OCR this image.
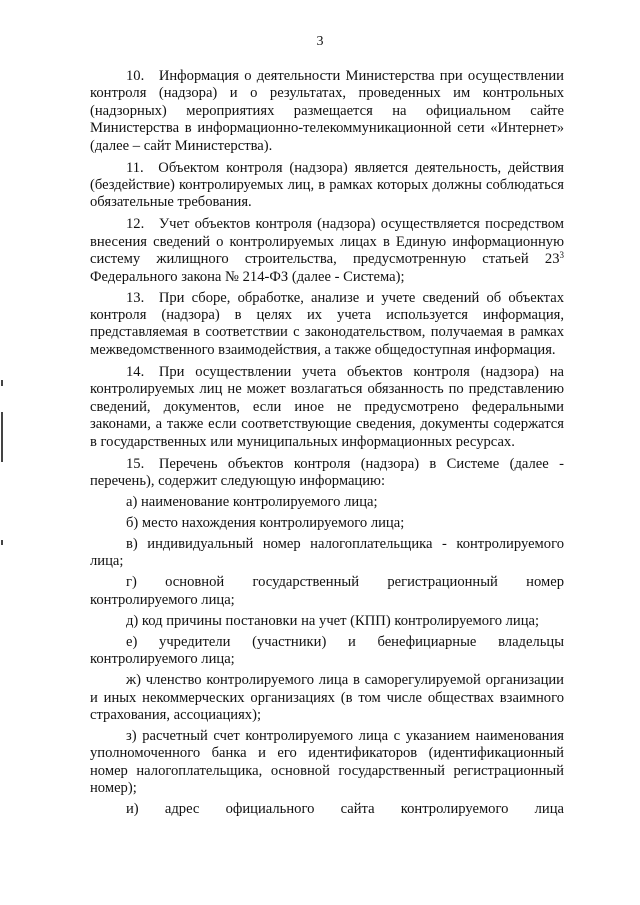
3

10. Информация о деятельности Министерства при осуществлении контроля (надзора) и о результатах, проведенных им контрольных (надзорных) мероприятиях размещается на официальном сайте Министерства в информационно-телекоммуникационной сети «Интернет» (далее – сайт Министерства).

11. Объектом контроля (надзора) является деятельность, действия (бездействие) контролируемых лиц, в рамках которых должны соблюдаться обязательные требования.

12. Учет объектов контроля (надзора) осуществляется посредством внесения сведений о контролируемых лицах в Единую информационную систему жилищного строительства, предусмотренную статьей $23^3$ Федерального закона № 214-ФЗ (далее - Система);

13. При сборе, обработке, анализе и учете сведений об объектах контроля (надзора) в целях их учета используется информация, представляемая в соответствии с законодательством, получаемая в рамках межведомственного взаимодействия, а также общедоступная информация.

14. При осуществлении учета объектов контроля (надзора) на контролируемых лиц не может возлагаться обязанность по представлению сведений, документов, если иное не предусмотрено федеральными законами, а также если соответствующие сведения, документы содержатся в государственных или муниципальных информационных ресурсах.

15. Перечень объектов контроля (надзора) в Системе (далее - перечень), содержит следующую информацию:

а) наименование контролируемого лица;

б) место нахождения контролируемого лица;

в) индивидуальный номер налогоплательщика - контролируемого лица;

г) основной государственный регистрационный номер контролируемого лица;

д) код причины постановки на учет (КПП) контролируемого лица;

е) учредители (участники) и бенефициарные владельцы контролируемого лица;

ж) членство контролируемого лица в саморегулируемой организации и иных некоммерческих организациях (в том числе обществах взаимного страхования, ассоциациях);

з) расчетный счет контролируемого лица с указанием наименования уполномоченного банка и его идентификаторов (идентификационный номер налогоплательщика, основной государственный регистрационный номер);

и) адрес официального сайта контролируемого лица
